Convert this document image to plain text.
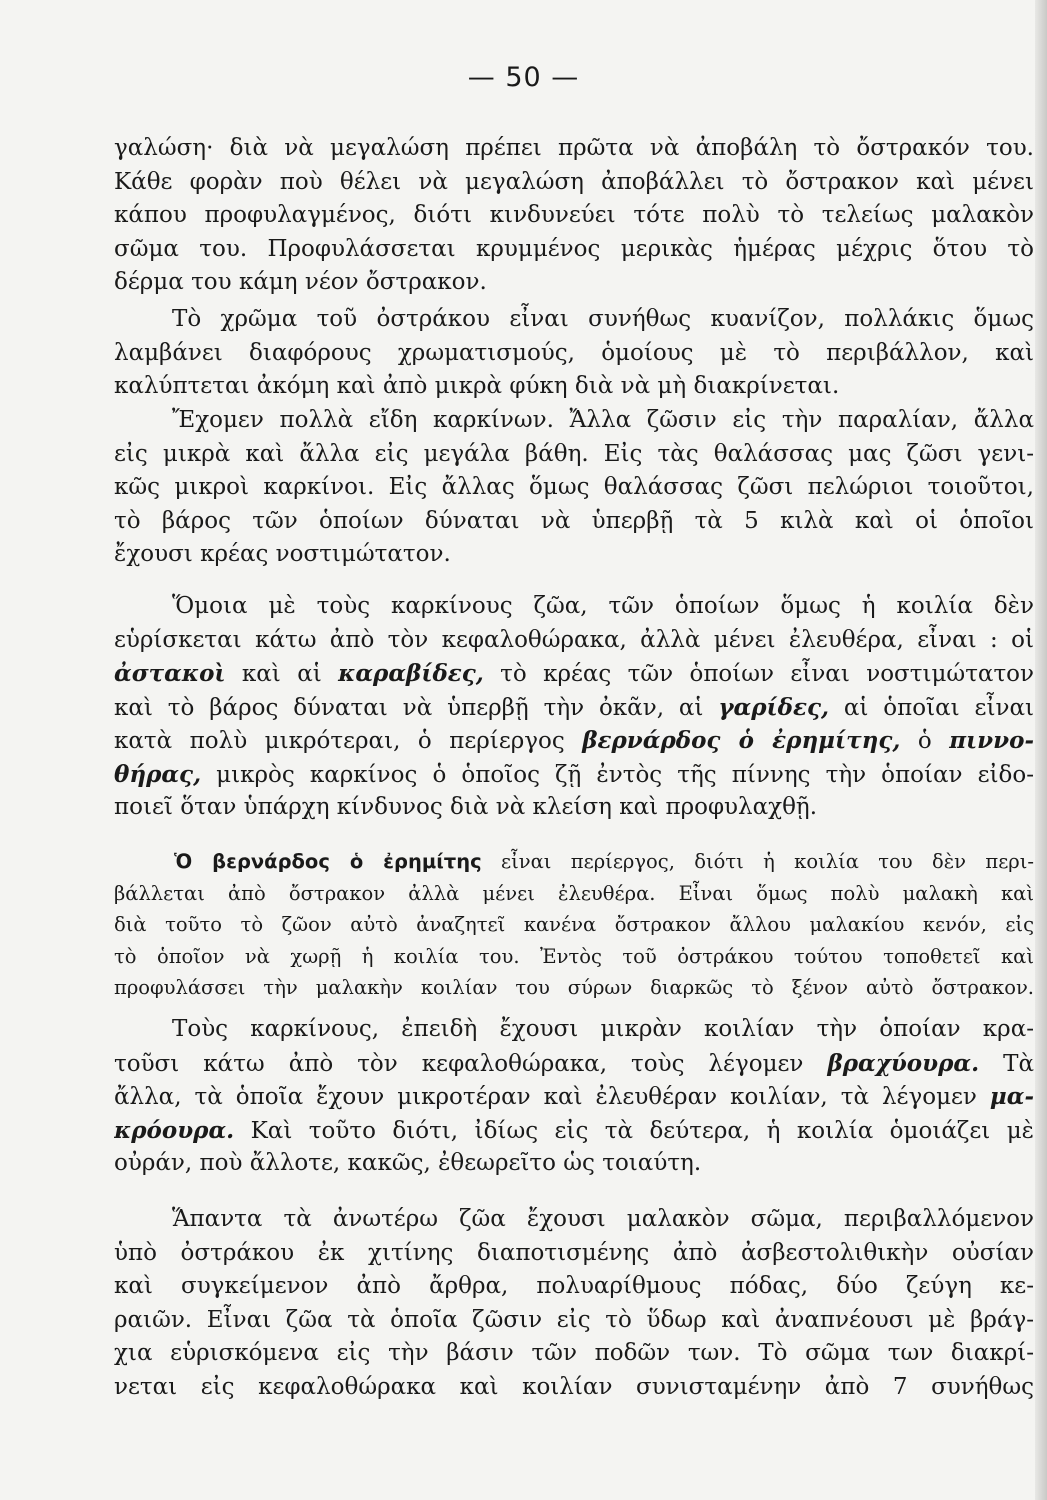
— 50 —
γαλώση· διὰ νὰ μεγαλώση πρέπει πρῶτα νὰ ἀποβάλη τὸ ὄστρακόν του.
Κάθε φορὰν ποὺ θέλει νὰ μεγαλώση ἀποβάλλει τὸ ὄστρακον καὶ μένει
κάπου προφυλαγμένος, διότι κινδυνεύει τότε πολὺ τὸ τελείως μαλακὸν
σῶμα του. Προφυλάσσεται κρυμμένος μερικὰς ἡμέρας μέχρις ὅτου τὸ
δέρμα του κάμη νέον ὄστρακον.
Τὸ χρῶμα τοῦ ὀστράκου εἶναι συνήθως κυανίζον, πολλάκις ὅμως
λαμβάνει διαφόρους χρωματισμούς, ὁμοίους μὲ τὸ περιβάλλον, καὶ
καλύπτεται ἀκόμη καὶ ἀπὸ μικρὰ φύκη διὰ νὰ μὴ διακρίνεται.
Ἔχομεν πολλὰ εἴδη καρκίνων. Ἄλλα ζῶσιν εἰς τὴν παραλίαν, ἄλλα
εἰς μικρὰ καὶ ἄλλα εἰς μεγάλα βάθη. Εἰς τὰς θαλάσσας μας ζῶσι γενι-
κῶς μικροὶ καρκίνοι. Εἰς ἄλλας ὅμως θαλάσσας ζῶσι πελώριοι τοιοῦτοι,
τὸ βάρος τῶν ὁποίων δύναται νὰ ὑπερβῇ τὰ 5 κιλὰ καὶ οἱ ὁποῖοι
ἔχουσι κρέας νοστιμώτατον.
Ὅμοια μὲ τοὺς καρκίνους ζῶα, τῶν ὁποίων ὅμως ἡ κοιλία δὲν
εὑρίσκεται κάτω ἀπὸ τὸν κεφαλοθώρακα, ἀλλὰ μένει ἐλευθέρα, εἶναι : οἱ
ἀστακοὶ καὶ αἱ καραβίδες, τὸ κρέας τῶν ὁποίων εἶναι νοστιμώτατον
καὶ τὸ βάρος δύναται νὰ ὑπερβῇ τὴν ὀκᾶν, αἱ γαρίδες, αἱ ὁποῖαι εἶναι
κατὰ πολὺ μικρότεραι, ὁ περίεργος βερνάρδος ὁ ἐρημίτης, ὁ πιννο-
θήρας, μικρὸς καρκίνος ὁ ὁποῖος ζῇ ἐντὸς τῆς πίννης τὴν ὁποίαν εἰδο-
ποιεῖ ὅταν ὑπάρχη κίνδυνος διὰ νὰ κλείση καὶ προφυλαχθῇ.
Ὁ βερνάρδος ὁ ἐρημίτης εἶναι περίεργος, διότι ἡ κοιλία του δὲν περι-
βάλλεται ἀπὸ ὄστρακον ἀλλὰ μένει ἐλευθέρα. Εἶναι ὅμως πολὺ μαλακὴ καὶ
διὰ τοῦτο τὸ ζῶον αὐτὸ ἀναζητεῖ κανένα ὄστρακον ἄλλου μαλακίου κενόν, εἰς
τὸ ὁποῖον νὰ χωρῇ ἡ κοιλία του. Ἐντὸς τοῦ ὀστράκου τούτου τοποθετεῖ καὶ
προφυλάσσει τὴν μαλακὴν κοιλίαν του σύρων διαρκῶς τὸ ξένον αὐτὸ ὄστρακον.
Τοὺς καρκίνους, ἐπειδὴ ἔχουσι μικρὰν κοιλίαν τὴν ὁποίαν κρα-
τοῦσι κάτω ἀπὸ τὸν κεφαλοθώρακα, τοὺς λέγομεν βραχύουρα. Τὰ
ἄλλα, τὰ ὁποῖα ἔχουν μικροτέραν καὶ ἐλευθέραν κοιλίαν, τὰ λέγομεν μα-
κρόουρα. Καὶ τοῦτο διότι, ἰδίως εἰς τὰ δεύτερα, ἡ κοιλία ὁμοιάζει μὲ
οὐράν, ποὺ ἄλλοτε, κακῶς, ἐθεωρεῖτο ὡς τοιαύτη.
Ἅπαντα τὰ ἀνωτέρω ζῶα ἔχουσι μαλακὸν σῶμα, περιβαλλόμενον
ὑπὸ ὀστράκου ἐκ χιτίνης διαποτισμένης ἀπὸ ἀσβεστολιθικὴν οὐσίαν
καὶ συγκείμενον ἀπὸ ἄρθρα, πολυαρίθμους πόδας, δύο ζεύγη κε-
ραιῶν. Εἶναι ζῶα τὰ ὁποῖα ζῶσιν εἰς τὸ ὕδωρ καὶ ἀναπνέουσι μὲ βράγ-
χια εὑρισκόμενα εἰς τὴν βάσιν τῶν ποδῶν των. Τὸ σῶμα των διακρί-
νεται εἰς κεφαλοθώρακα καὶ κοιλίαν συνισταμένην ἀπὸ 7 συνήθως
